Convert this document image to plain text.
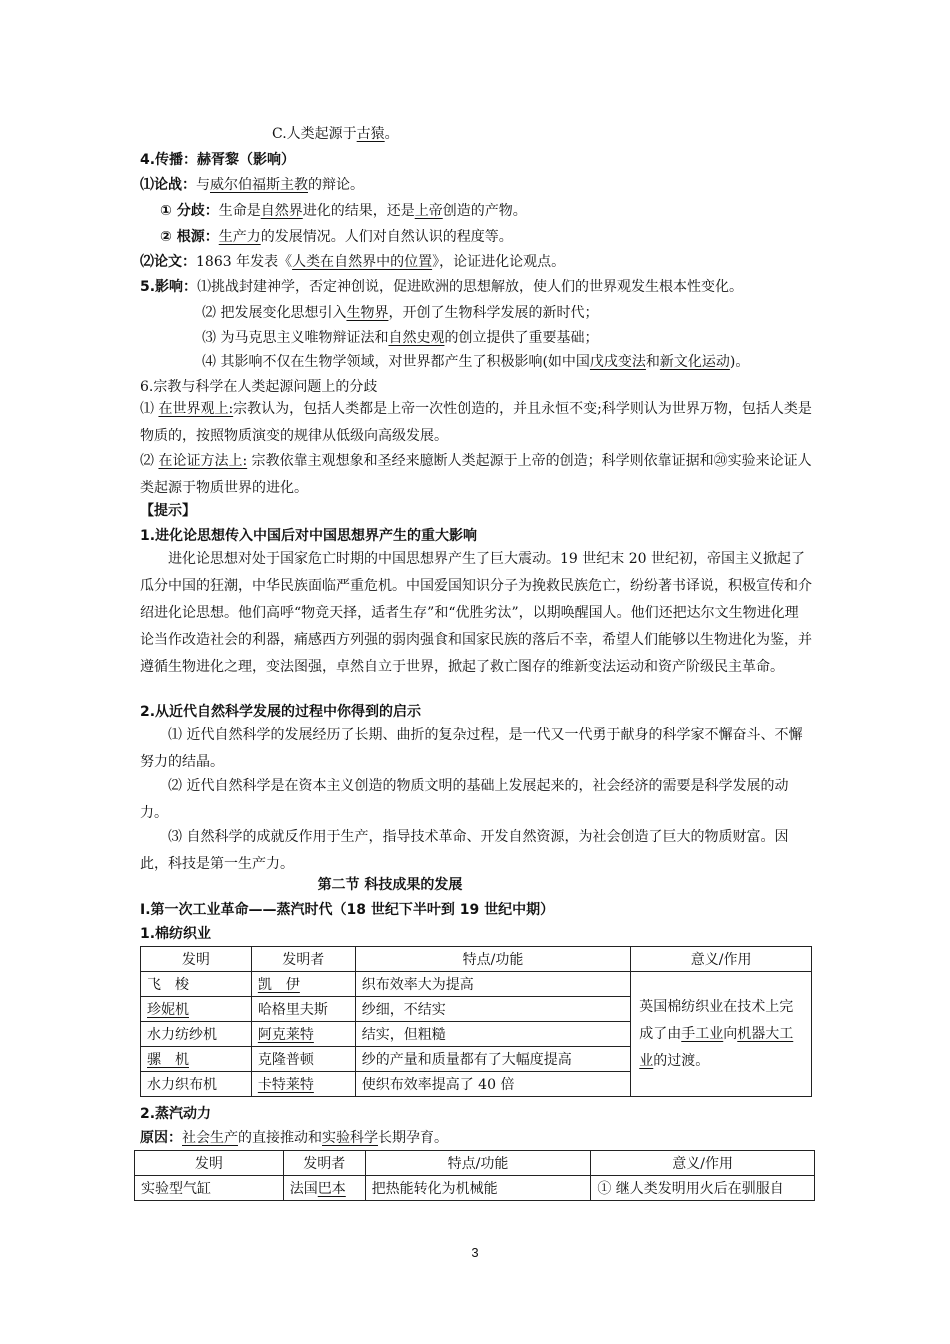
C.人类起源于古猿。
4.传播：赫胥黎（影响）
⑴论战：与威尔伯福斯主教的辩论。
① 分歧：生命是自然界进化的结果，还是上帝创造的产物。
② 根源：生产力的发展情况。人们对自然认识的程度等。
⑵论文：1863 年发表《人类在自然界中的位置》，论证进化论观点。
5.影响：⑴挑战封建神学，否定神创说，促进欧洲的思想解放，使人们的世界观发生根本性变化。
⑵ 把发展变化思想引入生物界，开创了生物科学发展的新时代；
⑶ 为马克思主义唯物辩证法和自然史观的创立提供了重要基础；
⑷ 其影响不仅在生物学领域，对世界都产生了积极影响(如中国戊戌变法和新文化运动)。
6.宗教与科学在人类起源问题上的分歧
⑴ 在世界观上:宗教认为，包括人类都是上帝一次性创造的，并且永恒不变;科学则认为世界万物，包括人类是物质的，按照物质演变的规律从低级向高级发展。
⑵ 在论证方法上: 宗教依靠主观想象和圣经来臆断人类起源于上帝的创造；科学则依靠证据和⑳实验来论证人类起源于物质世界的进化。
【提示】
1.进化论思想传入中国后对中国思想界产生的重大影响
进化论思想对处于国家危亡时期的中国思想界产生了巨大震动。19 世纪末 20 世纪初，帝国主义掀起了瓜分中国的狂潮，中华民族面临严重危机。中国爱国知识分子为挽救民族危亡，纷纷著书译说，积极宣传和介绍进化论思想。他们高呼“物竞天择，适者生存”和“优胜劣汰”，以期唤醒国人。他们还把达尔文生物进化理论当作改造社会的利器，痛感西方列强的弱肉强食和国家民族的落后不幸，希望人们能够以生物进化为鉴，并遵循生物进化之理，变法图强，卓然自立于世界，掀起了救亡图存的维新变法运动和资产阶级民主革命。
2.从近代自然科学发展的过程中你得到的启示
⑴ 近代自然科学的发展经历了长期、曲折的复杂过程，是一代又一代勇于献身的科学家不懈奋斗、不懈努力的结晶。
⑵ 近代自然科学是在资本主义创造的物质文明的基础上发展起来的，社会经济的需要是科学发展的动力。
⑶ 自然科学的成就反作用于生产，指导技术革命、开发自然资源，为社会创造了巨大的物质财富。因此，科技是第一生产力。
第二节 科技成果的发展
Ⅰ.第一次工业革命——蒸汽时代（18 世纪下半叶到 19 世纪中期）
1.棉纺织业
发明	发明者	特点/功能	意义/作用
飞　梭	凯　伊	织布效率大为提高	英国棉纺织业在技术上完成了由手工业向机器大工业的过渡。
珍妮机	哈格里夫斯	纱细，不结实	
水力纺纱机	阿克莱特	结实，但粗糙	
骡　机	克隆普顿	纱的产量和质量都有了大幅度提高	
水力织布机	卡特莱特	使织布效率提高了 40 倍	
2.蒸汽动力
原因：社会生产的直接推动和实验科学长期孕育。
发明	发明者	特点/功能	意义/作用
实验型气缸	法国巴本	把热能转化为机械能	① 继人类发明用火后在驯服自
3
